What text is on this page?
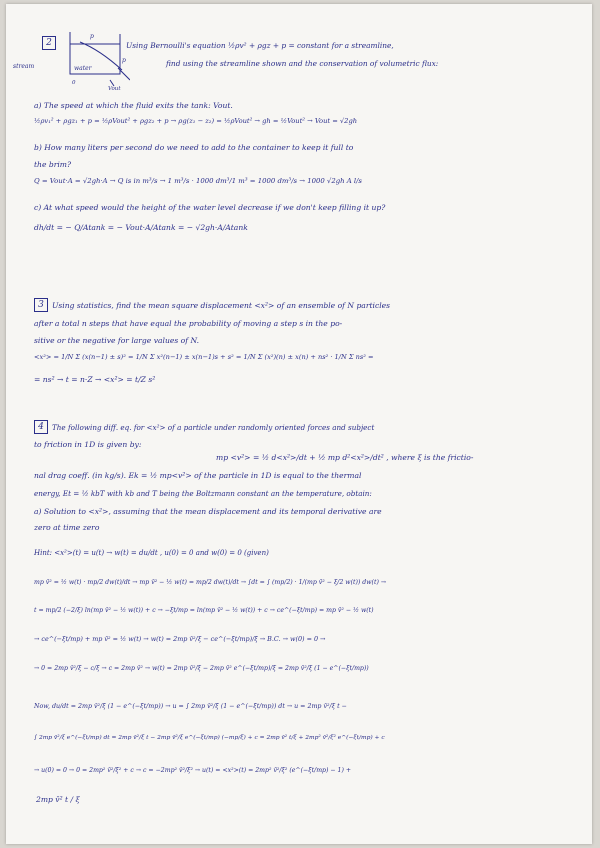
2
stream	water
p
p
Vout
0
Using Bernoulli's equation ½ρv² + ρgz + p = constant for a streamline,
find using the streamline shown and the conservation of volumetric flux:
a) The speed at which the fluid exits the tank: Vout.
½ρv₁² + ρgz₁ + p = ½ρVout² + ρgz₂ + p → ρg(z₁ − z₂) = ½ρVout² → gh = ½Vout² → Vout = √2gh
b) How many liters per second do we need to add to the container to keep it full to
the brim?
Q = Vout·A = √2gh·A → Q is in m³/s → 1 m³/s · 1000 dm³/1 m³ = 1000 dm³/s → 1000 √2gh A l/s
c) At what speed would the height of the water level decrease if we don't keep filling it up?
dh/dt = − Q/Atank = − Vout·A/Atank = − √2gh·A/Atank
3	Using statistics, find the mean square displacement <x²> of an ensemble of N particles
after a total n steps that have equal the probability of moving a step s in the po-
sitive or the negative for large values of N.
<x²> = 1/N Σ (x(n−1) ± s)² = 1/N Σ x²(n−1) ± x(n−1)s + s² = 1/N Σ (x²)(n) ± x(n) + ns² · 1/N Σ ns² =
= ns² → t = n·Z → <x²> = t/Z s²
4	The following diff. eq. for <x²> of a particle under randomly oriented forces and subject
to friction in 1D is given by:
mp <v²> = ½ d<x²>/dt + ½ mp d²<x²>/dt² , where ξ is the frictio-
nal drag coeff. (in kg/s). Ek = ½ mp<v²> of the particle in 1D is equal to the thermal
energy, Et = ½ kbT with kb and T being the Boltzmann constant an the temperature, obtain:
a) Solution to <x²>, assuming that the mean displacement and its temporal derivative are
zero at time zero
Hint: <x²>(t) = u(t) → w(t) = du/dt , u(0) = 0 and w(0) = 0 (given)
mp v̄² = ½ w(t) · mp/2 dw(t)/dt → mp v̄² − ½ w(t) = mp/2 dw(t)/dt → ∫dt = ∫ (mp/2) · 1/(mp v̄² − ξ/2 w(t)) dw(t) →
t = mp/2 (−2/ξ) ln(mp v̄² − ½ w(t)) + c → −ξt/mp = ln(mp v̄² − ½ w(t)) + c → ce^(−ξt/mp) = mp v̄² − ½ w(t)
→ ce^(−ξt/mp) + mp v̄² = ½ w(t) → w(t) = 2mp v̄²/ξ − ce^(−ξt/mp)/ξ → B.C. → w(0) = 0 →
→ 0 = 2mp v̄²/ξ − c/ξ → c = 2mp v̄² → w(t) = 2mp v̄²/ξ − 2mp v̄² e^(−ξt/mp)/ξ = 2mp v̄²/ξ (1 − e^(−ξt/mp))
Now, du/dt = 2mp v̄²/ξ (1 − e^(−ξt/mp)) → u = ∫ 2mp v̄²/ξ (1 − e^(−ξt/mp)) dt → u = 2mp v̄²/ξ t −
∫ 2mp v̄²/ξ e^(−ξt/mp) dt = 2mp v̄²/ξ t − 2mp v̄²/ξ e^(−ξt/mp) (−mp/ξ) + c = 2mp v̄² t/ξ + 2mp² v̄²/ξ² e^(−ξt/mp) + c
→ u(0) = 0 → 0 = 2mp² v̄²/ξ² + c → c = −2mp² v̄²/ξ² → u(t) = <x²>(t) = 2mp² v̄²/ξ² (e^(−ξt/mp) − 1) +
2mp v̄² t / ξ
